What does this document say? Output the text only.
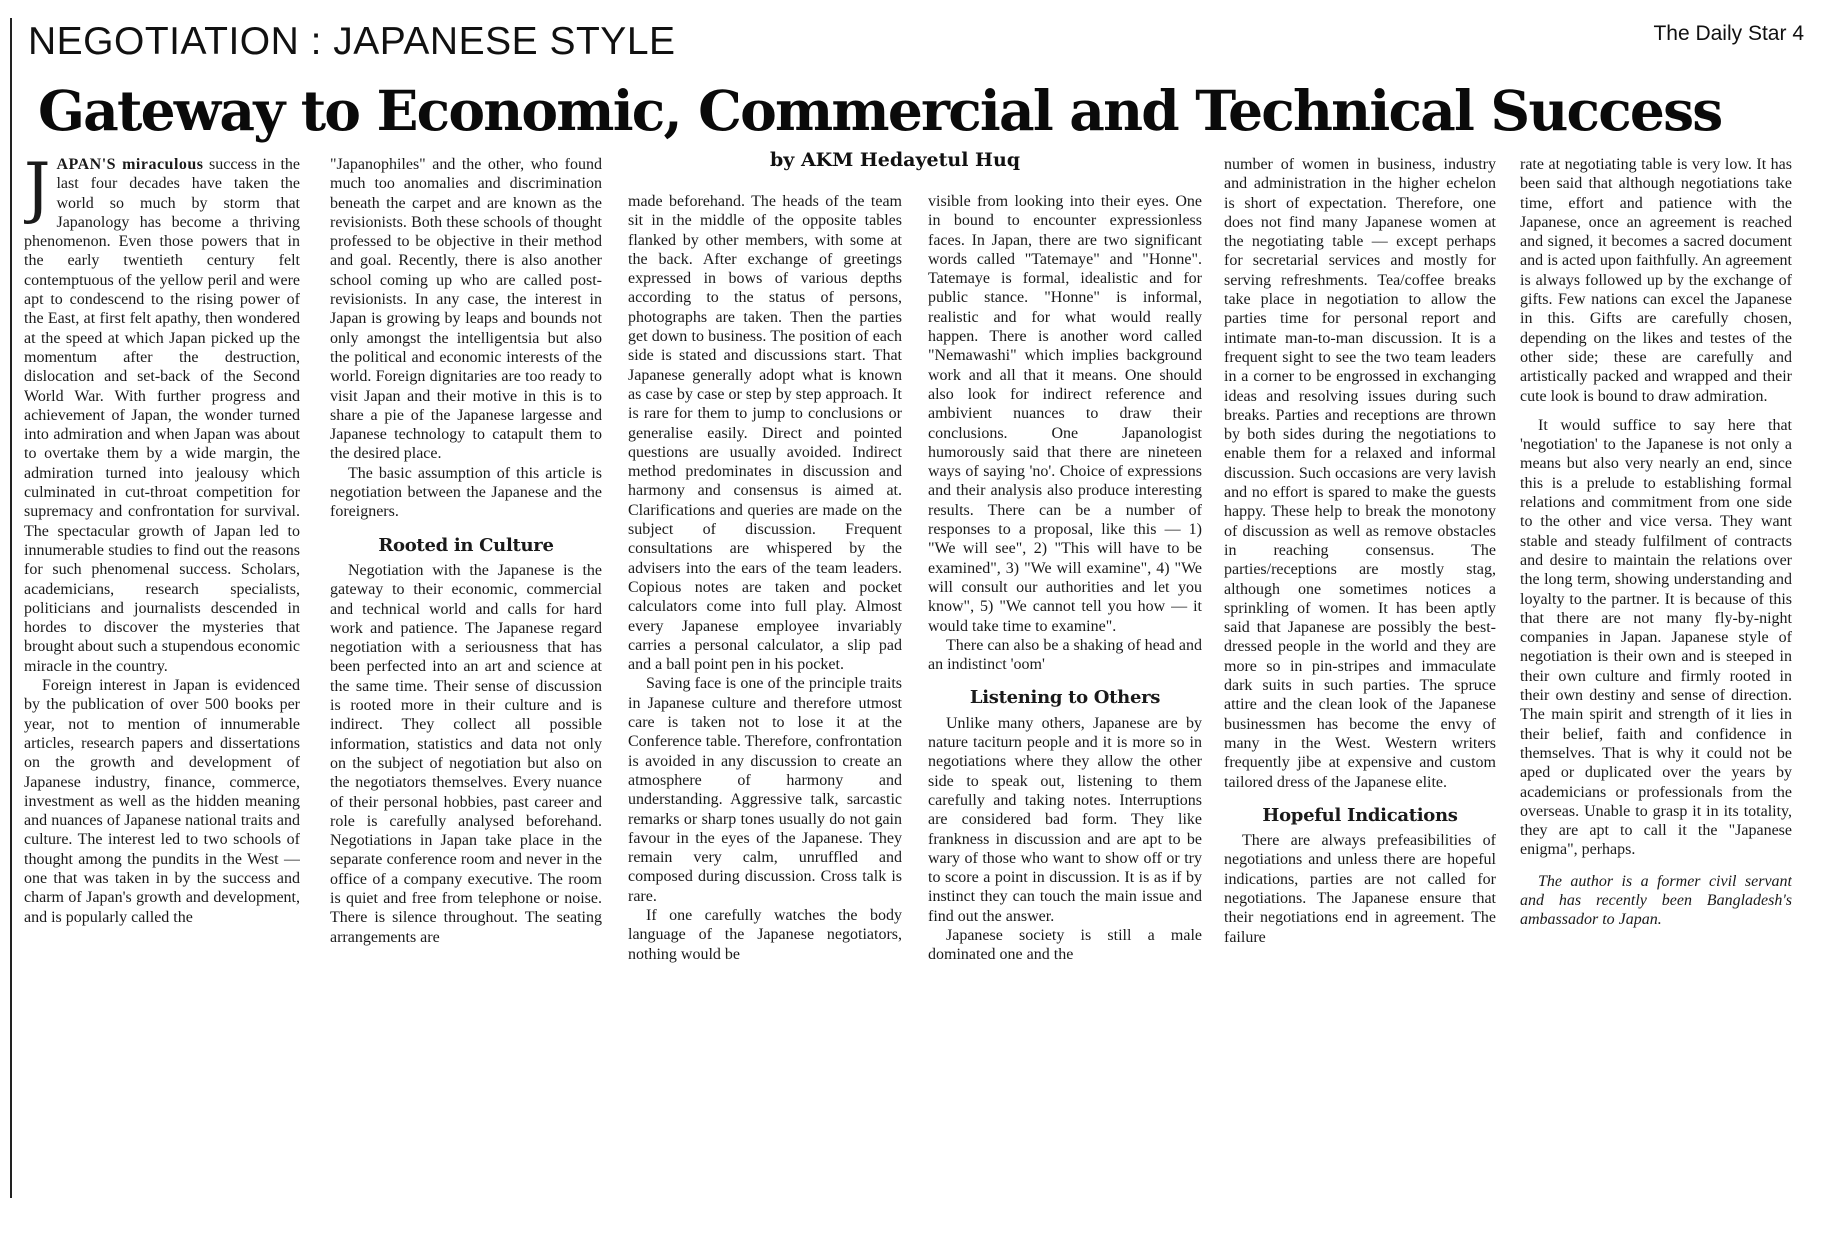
NEGOTIATION : JAPANESE STYLE	The Daily Star 4
Gateway to Economic, Commercial and Technical Success
by AKM Hedayetul Huq

JAPAN'S miraculous success in the last four decades have taken the world so much by storm that Japanology has become a thriving phenomenon. Even those powers that in the early twentieth century felt contemptuous of the yellow peril and were apt to condescend to the rising power of the East, at first felt apathy, then wondered at the speed at which Japan picked up the momentum after the destruction, dislocation and set-back of the Second World War. With further progress and achievement of Japan, the wonder turned into admiration and when Japan was about to overtake them by a wide margin, the admiration turned into jealousy which culminated in cut-throat competition for supremacy and confrontation for survival. The spectacular growth of Japan led to innumerable studies to find out the reasons for such phenomenal success. Scholars, academicians, research specialists, politicians and journalists descended in hordes to discover the mysteries that brought about such a stupendous economic miracle in the country.

Foreign interest in Japan is evidenced by the publication of over 500 books per year, not to mention of innumerable articles, research papers and dissertations on the growth and development of Japanese industry, finance, commerce, investment as well as the hidden meaning and nuances of Japanese national traits and culture. The interest led to two schools of thought among the pundits in the West — one that was taken in by the success and charm of Japan's growth and development, and is popularly called the

"Japanophiles" and the other, who found much too anomalies and discrimination beneath the carpet and are known as the revisionists. Both these schools of thought professed to be objective in their method and goal. Recently, there is also another school coming up who are called post-revisionists. In any case, the interest in Japan is growing by leaps and bounds not only amongst the intelligentsia but also the political and economic interests of the world. Foreign dignitaries are too ready to visit Japan and their motive in this is to share a pie of the Japanese largesse and Japanese technology to catapult them to the desired place.

The basic assumption of this article is negotiation between the Japanese and the foreigners.

Rooted in Culture

Negotiation with the Japanese is the gateway to their economic, commercial and technical world and calls for hard work and patience. The Japanese regard negotiation with a seriousness that has been perfected into an art and science at the same time. Their sense of discussion is rooted more in their culture and is indirect. They collect all possible information, statistics and data not only on the subject of negotiation but also on the negotiators themselves. Every nuance of their personal hobbies, past career and role is carefully analysed beforehand. Negotiations in Japan take place in the separate conference room and never in the office of a company executive. The room is quiet and free from telephone or noise. There is silence throughout. The seating arrangements are

made beforehand. The heads of the team sit in the middle of the opposite tables flanked by other members, with some at the back. After exchange of greetings expressed in bows of various depths according to the status of persons, photographs are taken. Then the parties get down to business. The position of each side is stated and discussions start. That Japanese generally adopt what is known as case by case or step by step approach. It is rare for them to jump to conclusions or generalise easily. Direct and pointed questions are usually avoided. Indirect method predominates in discussion and harmony and consensus is aimed at. Clarifications and queries are made on the subject of discussion. Frequent consultations are whispered by the advisers into the ears of the team leaders. Copious notes are taken and pocket calculators come into full play. Almost every Japanese employee invariably carries a personal calculator, a slip pad and a ball point pen in his pocket.

Saving face is one of the principle traits in Japanese culture and therefore utmost care is taken not to lose it at the Conference table. Therefore, confrontation is avoided in any discussion to create an atmosphere of harmony and understanding. Aggressive talk, sarcastic remarks or sharp tones usually do not gain favour in the eyes of the Japanese. They remain very calm, unruffled and composed during discussion. Cross talk is rare.

If one carefully watches the body language of the Japanese negotiators, nothing would be

visible from looking into their eyes. One in bound to encounter expressionless faces. In Japan, there are two significant words called "Tatemaye" and "Honne". Tatemaye is formal, idealistic and for public stance. "Honne" is informal, realistic and for what would really happen. There is another word called "Nemawashi" which implies background work and all that it means. One should also look for indirect reference and ambivient nuances to draw their conclusions. One Japanologist humorously said that there are nineteen ways of saying 'no'. Choice of expressions and their analysis also produce interesting results. There can be a number of responses to a proposal, like this — 1) "We will see", 2) "This will have to be examined", 3) "We will examine", 4) "We will consult our authorities and let you know", 5) "We cannot tell you how — it would take time to examine".

There can also be a shaking of head and an indistinct 'oom'

Listening to Others

Unlike many others, Japanese are by nature taciturn people and it is more so in negotiations where they allow the other side to speak out, listening to them carefully and taking notes. Interruptions are considered bad form. They like frankness in discussion and are apt to be wary of those who want to show off or try to score a point in discussion. It is as if by instinct they can touch the main issue and find out the answer.

Japanese society is still a male dominated one and the

number of women in business, industry and administration in the higher echelon is short of expectation. Therefore, one does not find many Japanese women at the negotiating table — except perhaps for secretarial services and mostly for serving refreshments. Tea/coffee breaks take place in negotiation to allow the parties time for personal report and intimate man-to-man discussion. It is a frequent sight to see the two team leaders in a corner to be engrossed in exchanging ideas and resolving issues during such breaks. Parties and receptions are thrown by both sides during the negotiations to enable them for a relaxed and informal discussion. Such occasions are very lavish and no effort is spared to make the guests happy. These help to break the monotony of discussion as well as remove obstacles in reaching consensus. The parties/receptions are mostly stag, although one sometimes notices a sprinkling of women. It has been aptly said that Japanese are possibly the best-dressed people in the world and they are more so in pin-stripes and immaculate dark suits in such parties. The spruce attire and the clean look of the Japanese businessmen has become the envy of many in the West. Western writers frequently jibe at expensive and custom tailored dress of the Japanese elite.

Hopeful Indications

There are always prefeasibilities of negotiations and unless there are hopeful indications, parties are not called for negotiations. The Japanese ensure that their negotiations end in agreement. The failure

rate at negotiating table is very low. It has been said that although negotiations take time, effort and patience with the Japanese, once an agreement is reached and signed, it becomes a sacred document and is acted upon faithfully. An agreement is always followed up by the exchange of gifts. Few nations can excel the Japanese in this. Gifts are carefully chosen, depending on the likes and testes of the other side; these are carefully and artistically packed and wrapped and their cute look is bound to draw admiration.

It would suffice to say here that 'negotiation' to the Japanese is not only a means but also very nearly an end, since this is a prelude to establishing formal relations and commitment from one side to the other and vice versa. They want stable and steady fulfilment of contracts and desire to maintain the relations over the long term, showing understanding and loyalty to the partner. It is because of this that there are not many fly-by-night companies in Japan. Japanese style of negotiation is their own and is steeped in their own culture and firmly rooted in their own destiny and sense of direction. The main spirit and strength of it lies in their belief, faith and confidence in themselves. That is why it could not be aped or duplicated over the years by academicians or professionals from the overseas. Unable to grasp it in its totality, they are apt to call it the "Japanese enigma", perhaps.

The author is a former civil servant and has recently been Bangladesh's ambassador to Japan.
